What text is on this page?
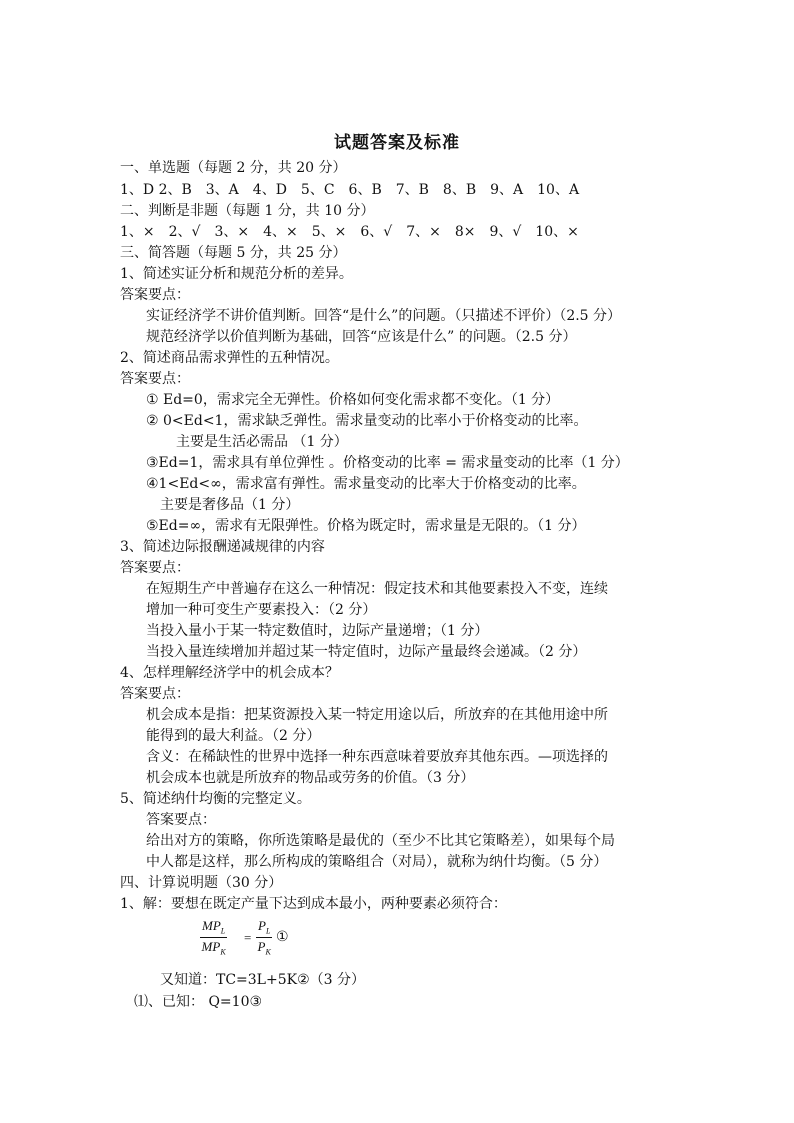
试题答案及标准
一、单选题（每题 2 分，共 20 分）
1、D 2、B　3、A　4、D　5、C　6、B　7、B　8、B　9、A　10、A
二、判断是非题（每题 1 分，共 10 分）
1、×　2、√　3、×　4、×　5、×　6、√　7、×　8×　9、√　10、×
三、简答题（每题 5 分，共 25 分）
1、简述实证分析和规范分析的差异。
答案要点：
实证经济学不讲价值判断。回答“是什么”的问题。（只描述不评价）（2.5 分）
规范经济学以价值判断为基础，回答“应该是什么” 的问题。（2.5 分）
2、简述商品需求弹性的五种情况。
答案要点：
① Ed=0，需求完全无弹性。价格如何变化需求都不变化。（1 分）
② 0<Ed<1，需求缺乏弹性。需求量变动的比率小于价格变动的比率。
主要是生活必需品 （1 分）
③Ed=1，需求具有单位弹性 。价格变动的比率 = 需求量变动的比率（1 分）
④1<Ed<∞，需求富有弹性。需求量变动的比率大于价格变动的比率。
主要是奢侈品（1 分）
⑤Ed=∞，需求有无限弹性。价格为既定时，需求量是无限的。（1 分）
3、简述边际报酬递减规律的内容
答案要点：
在短期生产中普遍存在这么一种情况：假定技术和其他要素投入不变，连续
增加一种可变生产要素投入：（2 分）
当投入量小于某一特定数值时，边际产量递增；（1 分）
当投入量连续增加并超过某一特定值时，边际产量最终会递减。（2 分）
4、怎样理解经济学中的机会成本？
答案要点：
机会成本是指：把某资源投入某一特定用途以后，所放弃的在其他用途中所
能得到的最大利益。（2 分）
含义：在稀缺性的世界中选择一种东西意味着要放弃其他东西。—项选择的
机会成本也就是所放弃的物品或劳务的价值。（3 分）
5、简述纳什均衡的完整定义。
答案要点：
给出对方的策略，你所选策略是最优的（至少不比其它策略差），如果每个局
中人都是这样，那么所构成的策略组合（对局），就称为纳什均衡。（5 分）
四、计算说明题（30 分）
1、解：要想在既定产量下达到成本最小，两种要素必须符合：
$MP_L$
$MP_K$
= $\frac{P_L}{P_K}$ ①
又知道：TC=3L+5K②（3 分）
⑴、已知： Q=10③
